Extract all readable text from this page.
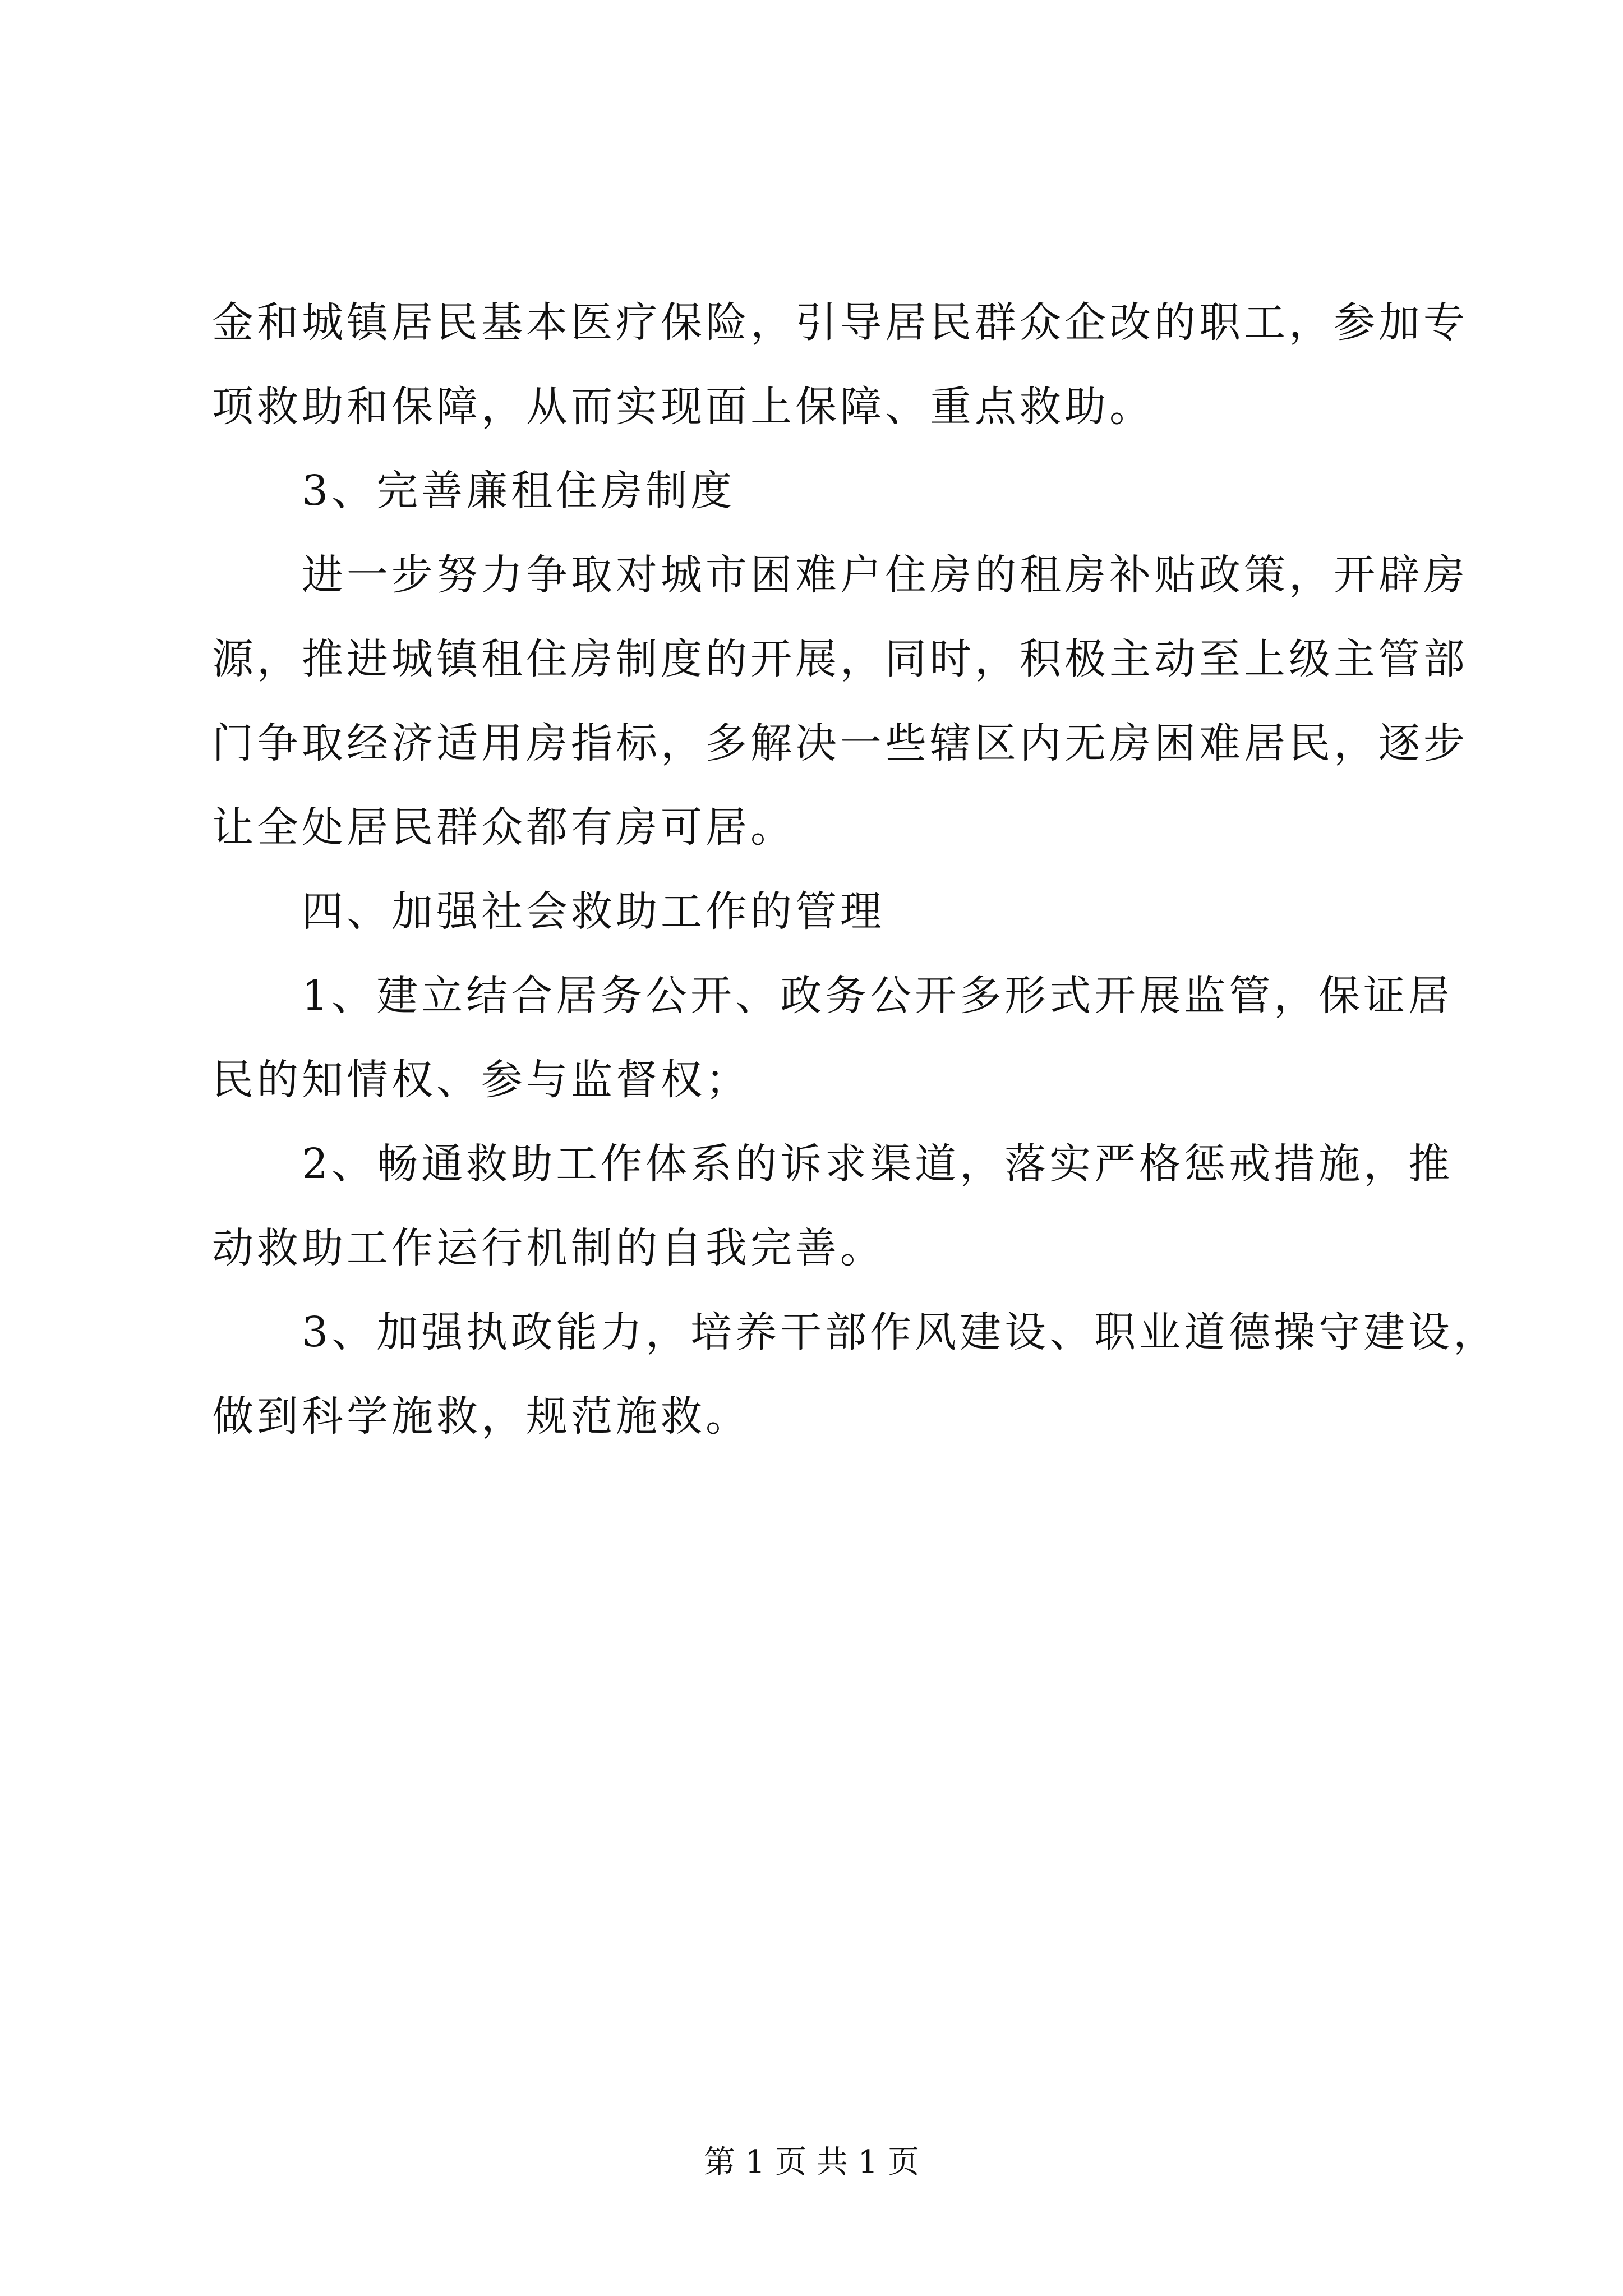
金和城镇居民基本医疗保险，引导居民群众企改的职工，参加专
项救助和保障，从而实现面上保障、重点救助。
3、完善廉租住房制度
进一步努力争取对城市困难户住房的租房补贴政策，开辟房
源，推进城镇租住房制度的开展，同时，积极主动至上级主管部
门争取经济适用房指标，多解决一些辖区内无房困难居民，逐步
让全处居民群众都有房可居。
四、加强社会救助工作的管理
1、建立结合居务公开、政务公开多形式开展监管，保证居
民的知情权、参与监督权；
2、畅通救助工作体系的诉求渠道，落实严格惩戒措施，推
动救助工作运行机制的自我完善。
3、加强执政能力，培养干部作风建设、职业道德操守建设，
做到科学施救，规范施救。
第 1 页 共 1 页
